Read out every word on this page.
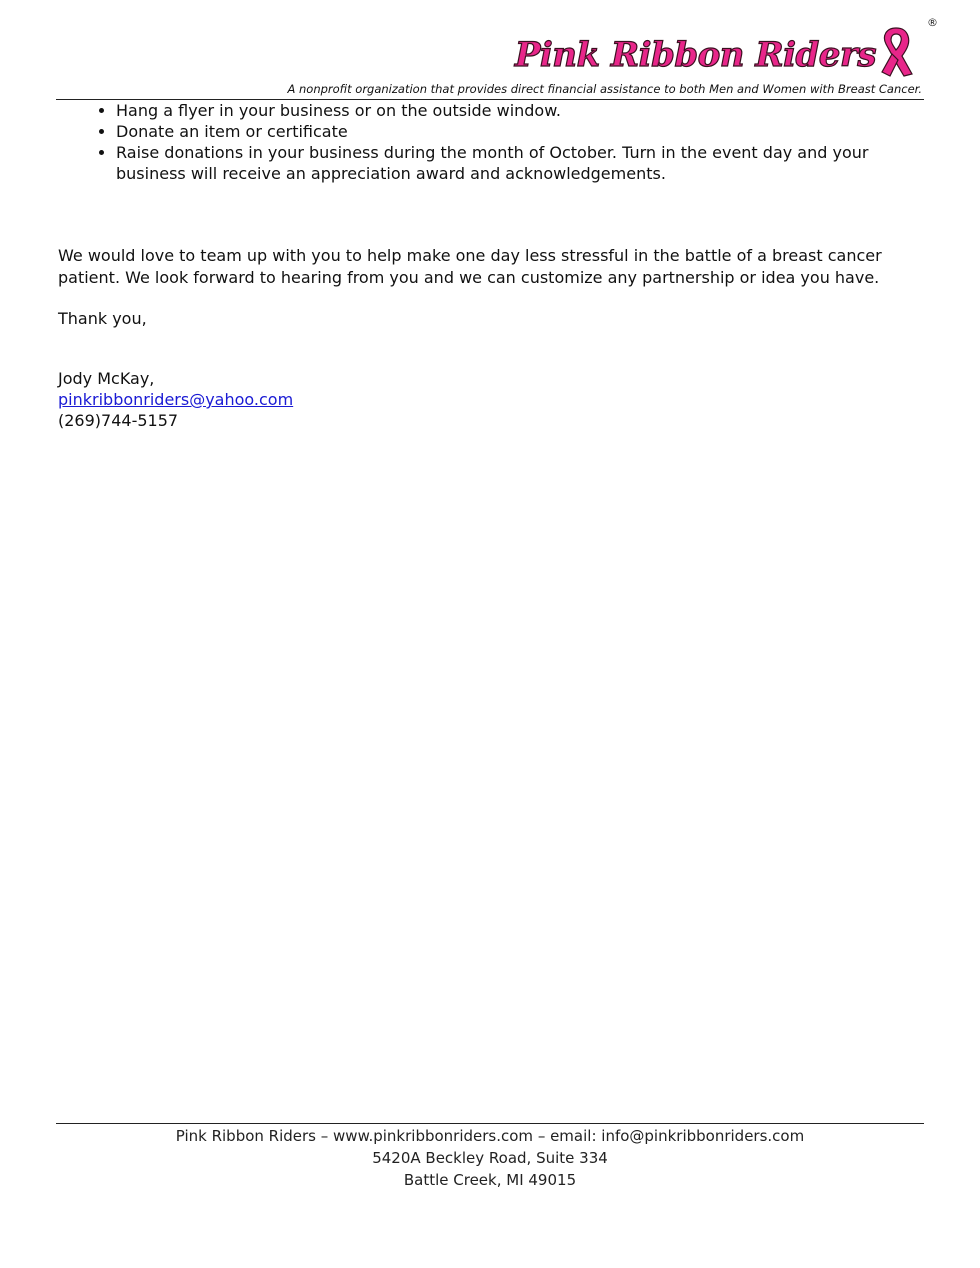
Pink Ribbon Riders
®
A nonprofit organization that provides direct financial assistance to both Men and Women with Breast Cancer.
• Hang a flyer in your business or on the outside window.
• Donate an item or certificate
• Raise donations in your business during the month of October. Turn in the event day and your business will receive an appreciation award and acknowledgements.

We would love to team up with you to help make one day less stressful in the battle of a breast cancer patient. We look forward to hearing from you and we can customize any partnership or idea you have.

Thank you,

Jody McKay,
pinkribbonriders@yahoo.com
(269)744-5157
Pink Ribbon Riders – www.pinkribbonriders.com – email: info@pinkribbonriders.com
5420A Beckley Road, Suite 334
Battle Creek, MI 49015
